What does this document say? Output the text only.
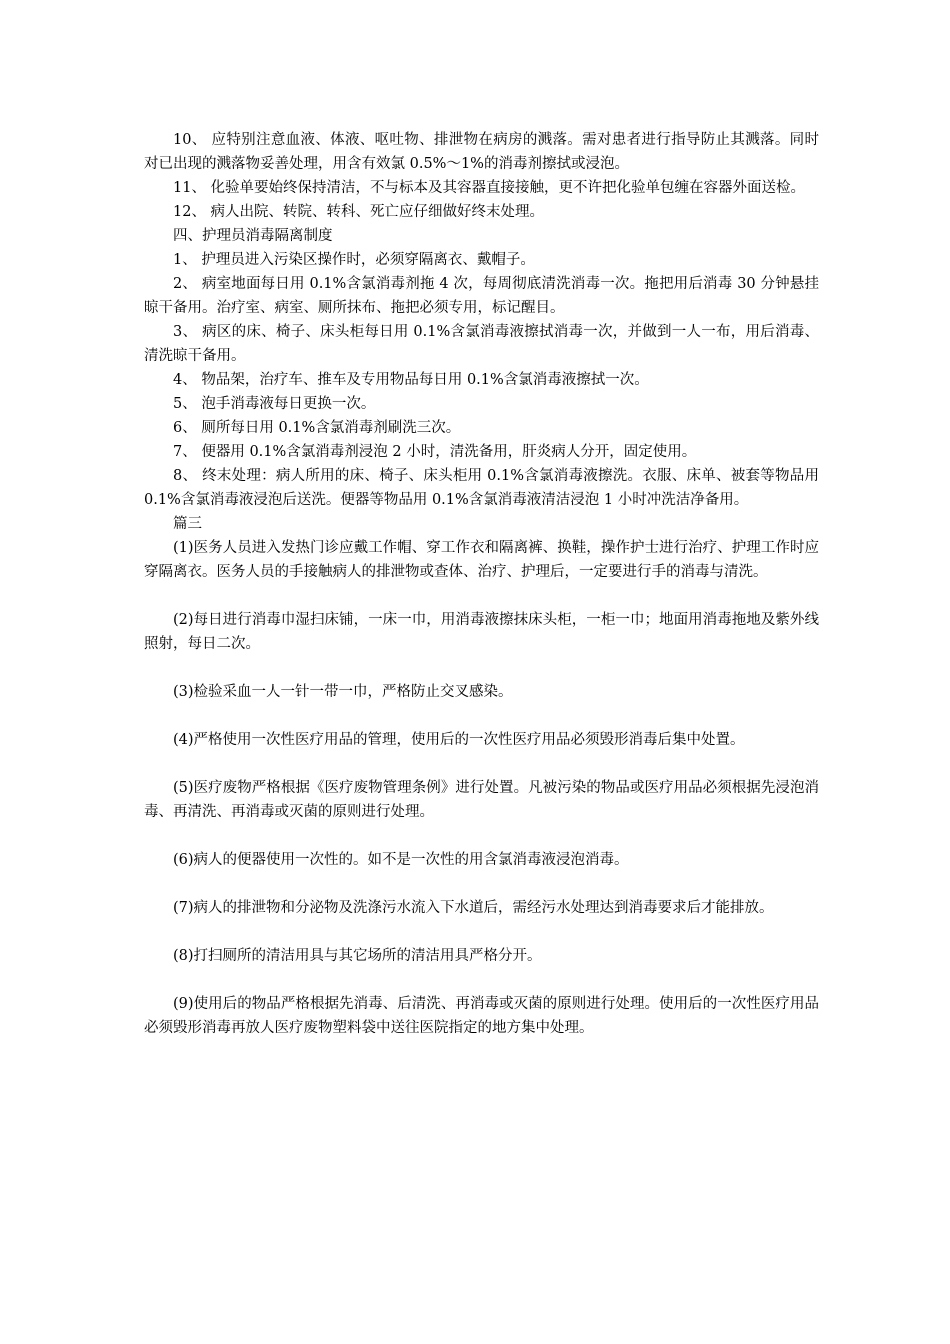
10、 应特别注意血液、体液、呕吐物、排泄物在病房的溅落。需对患者进行指导防止其溅落。同时对已出现的溅落物妥善处理，用含有效氯 0.5%～1%的消毒剂擦拭或浸泡。

11、 化验单要始终保持清洁，不与标本及其容器直接接触，更不许把化验单包缠在容器外面送检。

12、 病人出院、转院、转科、死亡应仔细做好终末处理。

四、护理员消毒隔离制度

1、 护理员进入污染区操作时，必须穿隔离衣、戴帽子。

2、 病室地面每日用 0.1%含氯消毒剂拖 4 次，每周彻底清洗消毒一次。拖把用后消毒 30 分钟悬挂晾干备用。治疗室、病室、厕所抹布、拖把必须专用，标记醒目。

3、 病区的床、椅子、床头柜每日用 0.1%含氯消毒液擦拭消毒一次，并做到一人一布，用后消毒、清洗晾干备用。

4、 物品架，治疗车、推车及专用物品每日用 0.1%含氯消毒液擦拭一次。

5、 泡手消毒液每日更换一次。

6、 厕所每日用 0.1%含氯消毒剂刷洗三次。

7、 便器用 0.1%含氯消毒剂浸泡 2 小时，清洗备用，肝炎病人分开，固定使用。

8、 终末处理：病人所用的床、椅子、床头柜用 0.1%含氯消毒液擦洗。衣服、床单、被套等物品用 0.1%含氯消毒液浸泡后送洗。便器等物品用 0.1%含氯消毒液清洁浸泡 1 小时冲洗洁净备用。

篇三

(1)医务人员进入发热门诊应戴工作帽、穿工作衣和隔离裤、换鞋，操作护士进行治疗、护理工作时应穿隔离衣。医务人员的手接触病人的排泄物或查体、治疗、护理后，一定要进行手的消毒与清洗。

(2)每日进行消毒巾湿扫床铺，一床一巾，用消毒液擦抹床头柜，一柜一巾；地面用消毒拖地及紫外线照射，每日二次。

(3)检验采血一人一针一带一巾，严格防止交叉感染。

(4)严格使用一次性医疗用品的管理，使用后的一次性医疗用品必须毁形消毒后集中处置。

(5)医疗废物严格根据《医疗废物管理条例》进行处置。凡被污染的物品或医疗用品必须根据先浸泡消毒、再清洗、再消毒或灭菌的原则进行处理。

(6)病人的便器使用一次性的。如不是一次性的用含氯消毒液浸泡消毒。

(7)病人的排泄物和分泌物及洗涤污水流入下水道后，需经污水处理达到消毒要求后才能排放。

(8)打扫厕所的清洁用具与其它场所的清洁用具严格分开。

(9)使用后的物品严格根据先消毒、后清洗、再消毒或灭菌的原则进行处理。使用后的一次性医疗用品必须毁形消毒再放人医疗废物塑料袋中送往医院指定的地方集中处理。
